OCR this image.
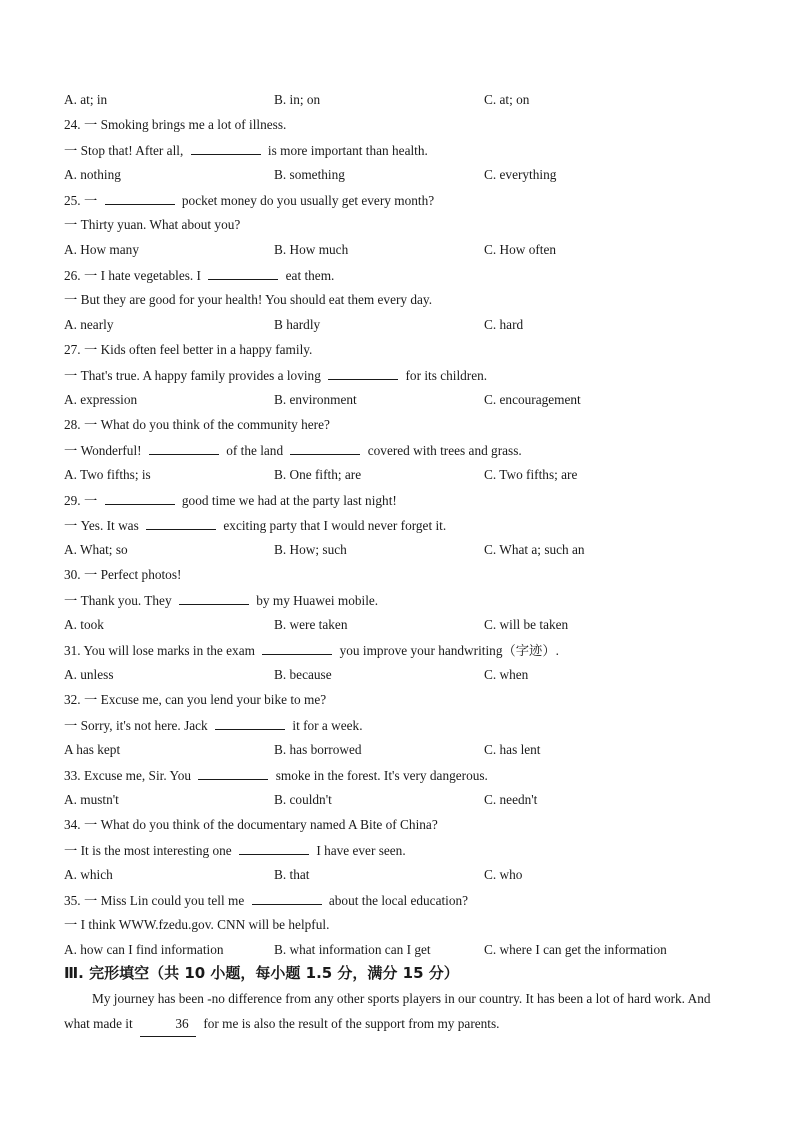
A. at; in	B. in; on	C. at; on
24. 一 Smoking brings me a lot of illness.
一 Stop that! After all,	is more important than health.
A. nothing	B. something	C. everything
25. 一	pocket money do you usually get every month?
一 Thirty yuan. What about you?
A. How many	B. How much	C. How often
26. 一 I hate vegetables. I	eat them.
一 But they are good for your health! You should eat them every day.
A. nearly	B hardly	C. hard
27. 一 Kids often feel better in a happy family.
一 That's true. A happy family provides a loving	for its children.
A. expression	B. environment	C. encouragement
28. 一 What do you think of the community here?
一 Wonderful!	of the land	covered with trees and grass.
A. Two fifths; is	B. One fifth; are	C. Two fifths; are
29. 一	good time we had at the party last night!
一 Yes. It was	exciting party that I would never forget it.
A. What; so	B. How; such	C. What a; such an
30. 一 Perfect photos!
一 Thank you. They	by my Huawei mobile.
A. took	B. were taken	C. will be taken
31. You will lose marks in the exam	you improve your handwriting（字迹）.
A. unless	B. because	C. when
32. 一 Excuse me, can you lend your bike to me?
一 Sorry, it's not here. Jack	it for a week.
A has kept	B. has borrowed	C. has lent
33. Excuse me, Sir. You	smoke in the forest. It's very dangerous.
A. mustn't	B. couldn't	C. needn't
34. 一 What do you think of the documentary named A Bite of China?
一 It is the most interesting one	I have ever seen.
A. which	B. that	C. who
35. 一 Miss Lin could you tell me	about the local education?
一 I think WWW.fzedu.gov. CNN will be helpful.
A. how can I find information	B. what information can I get	C. where I can get the information
Ⅲ. 完形填空（共 10 小题，每小题 1.5 分，满分 15 分）
My journey has been -no difference from any other sports players in our country. It has been a lot of hard work. And what made it	36 for me is also the result of the support from my parents.
